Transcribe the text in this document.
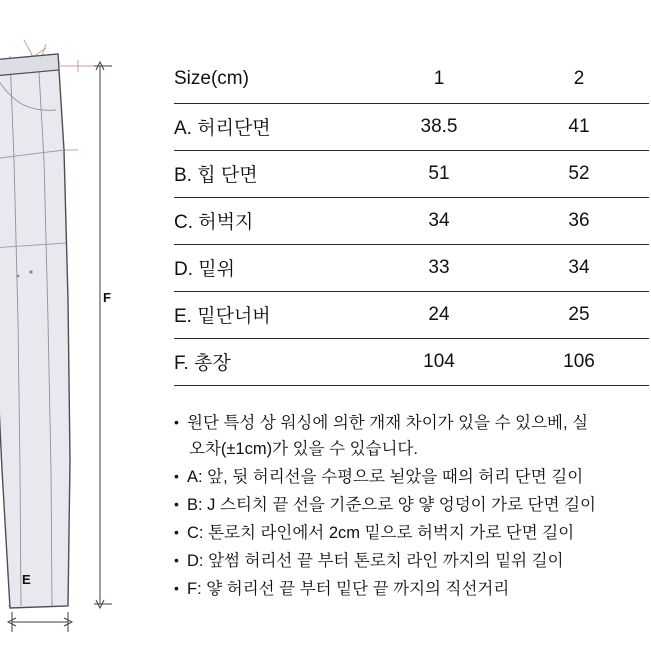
F
E
Size(cm)	1	2
A. 허리단면	38.5	41
B. 힙 단면	51	52
C. 허벅지	34	36
D. 밑위	33	34
E. 밑단너버	24	25
F. 총장	104	106
• 원단 특성 상 워싱에 의한 개재 차이가 있을 수 있으베, 실
오차(±1cm)가 있을 수 있습니다.
• A: 앞, 뒷 허리선을 수평으로 뇓았을 때의 허리 단면 길이
• B: J 스티치 끝 선을 기준으로 양 얗 엉덩이 가로 단면 길이
• C: 톤로치 라인에서 2cm 밑으로 허벅지 가로 단면 길이
• D: 앞썸 허리선 끝 부터 톤로치 라인 까지의 밑위 길이
• F: 얗 허리선 끝 부터 밑단 끝 까지의 직선거리
